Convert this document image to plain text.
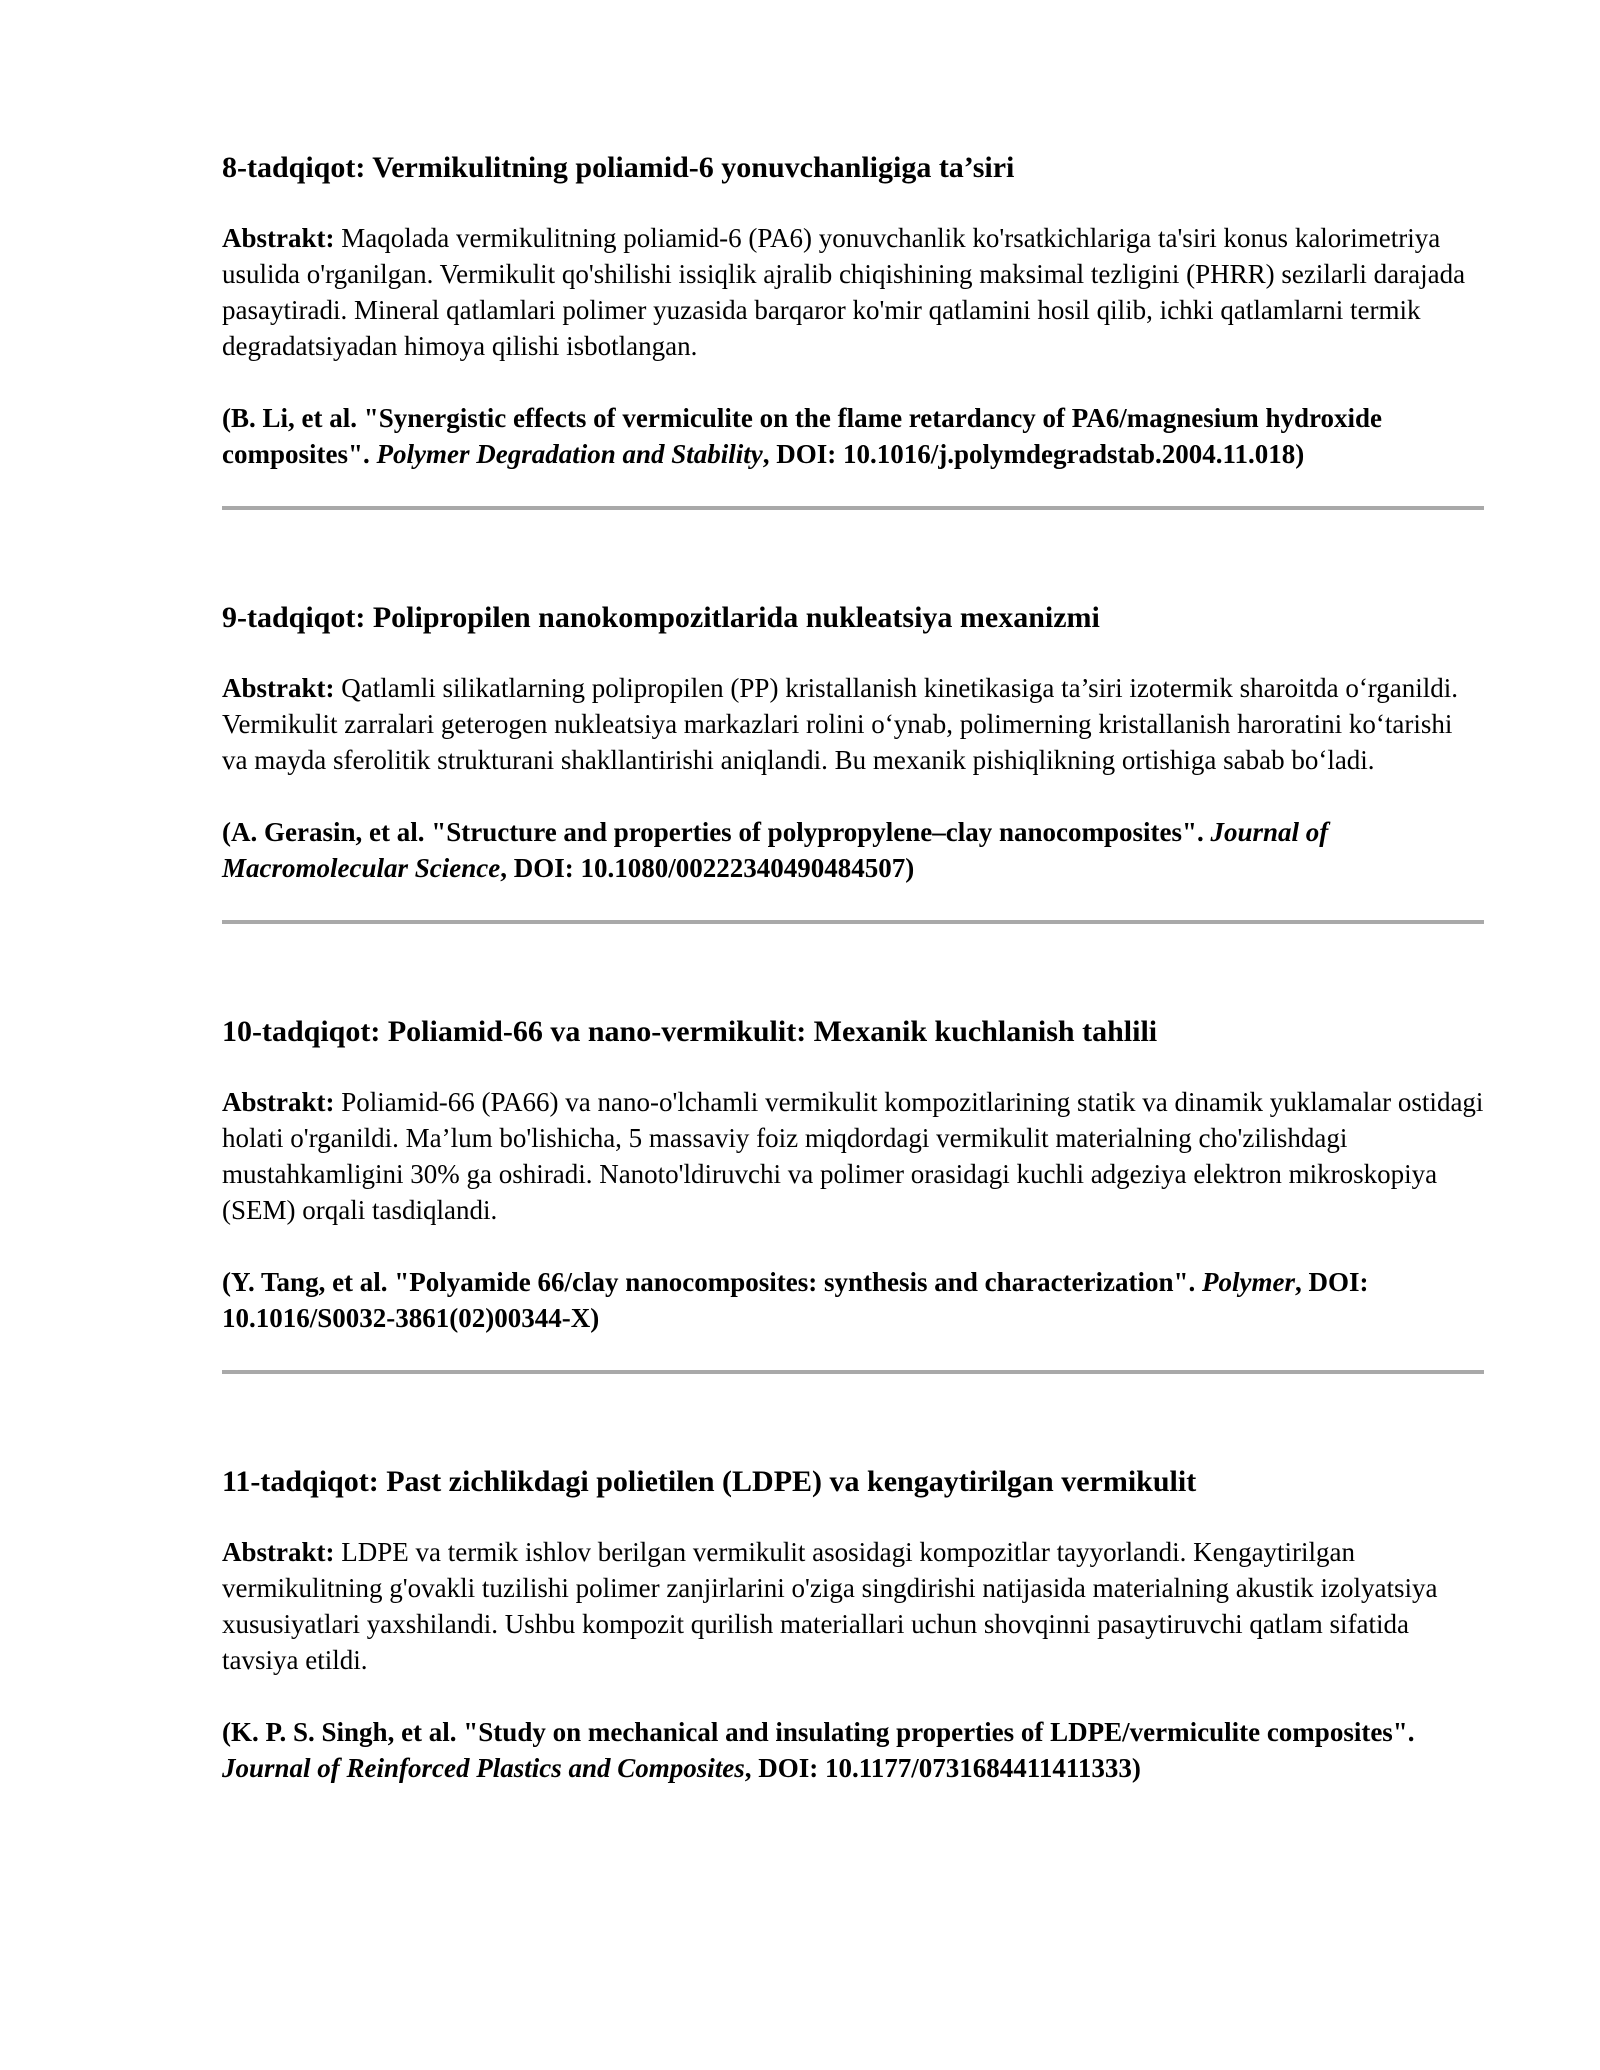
8-tadqiqot: Vermikulitning poliamid-6 yonuvchanligiga ta’siri

Abstrakt: Maqolada vermikulitning poliamid-6 (PA6) yonuvchanlik ko'rsatkichlariga ta'siri konus kalorimetriya usulida o'rganilgan. Vermikulit qo'shilishi issiqlik ajralib chiqishining maksimal tezligini (PHRR) sezilarli darajada pasaytiradi. Mineral qatlamlari polimer yuzasida barqaror ko'mir qatlamini hosil qilib, ichki qatlamlarni termik degradatsiyadan himoya qilishi isbotlangan.

(B. Li, et al. "Synergistic effects of vermiculite on the flame retardancy of PA6/magnesium hydroxide composites". Polymer Degradation and Stability, DOI: 10.1016/j.polymdegradstab.2004.11.018)

9-tadqiqot: Polipropilen nanokompozitlarida nukleatsiya mexanizmi

Abstrakt: Qatlamli silikatlarning polipropilen (PP) kristallanish kinetikasiga ta’siri izotermik sharoitda o‘rganildi. Vermikulit zarralari geterogen nukleatsiya markazlari rolini o‘ynab, polimerning kristallanish haroratini ko‘tarishi va mayda sferolitik strukturani shakllantirishi aniqlandi. Bu mexanik pishiqlikning ortishiga sabab bo‘ladi.

(A. Gerasin, et al. "Structure and properties of polypropylene–clay nanocomposites". Journal of Macromolecular Science, DOI: 10.1080/00222340490484507)

10-tadqiqot: Poliamid-66 va nano-vermikulit: Mexanik kuchlanish tahlili

Abstrakt: Poliamid-66 (PA66) va nano-o'lchamli vermikulit kompozitlarining statik va dinamik yuklamalar ostidagi holati o'rganildi. Ma’lum bo'lishicha, 5 massaviy foiz miqdordagi vermikulit materialning cho'zilishdagi mustahkamligini 30% ga oshiradi. Nanoto'ldiruvchi va polimer orasidagi kuchli adgeziya elektron mikroskopiya (SEM) orqali tasdiqlandi.

(Y. Tang, et al. "Polyamide 66/clay nanocomposites: synthesis and characterization". Polymer, DOI: 10.1016/S0032-3861(02)00344-X)

11-tadqiqot: Past zichlikdagi polietilen (LDPE) va kengaytirilgan vermikulit

Abstrakt: LDPE va termik ishlov berilgan vermikulit asosidagi kompozitlar tayyorlandi. Kengaytirilgan vermikulitning g'ovakli tuzilishi polimer zanjirlarini o'ziga singdirishi natijasida materialning akustik izolyatsiya xususiyatlari yaxshilandi. Ushbu kompozit qurilish materiallari uchun shovqinni pasaytiruvchi qatlam sifatida tavsiya etildi.

(K. P. S. Singh, et al. "Study on mechanical and insulating properties of LDPE/vermiculite composites". Journal of Reinforced Plastics and Composites, DOI: 10.1177/0731684411411333)
